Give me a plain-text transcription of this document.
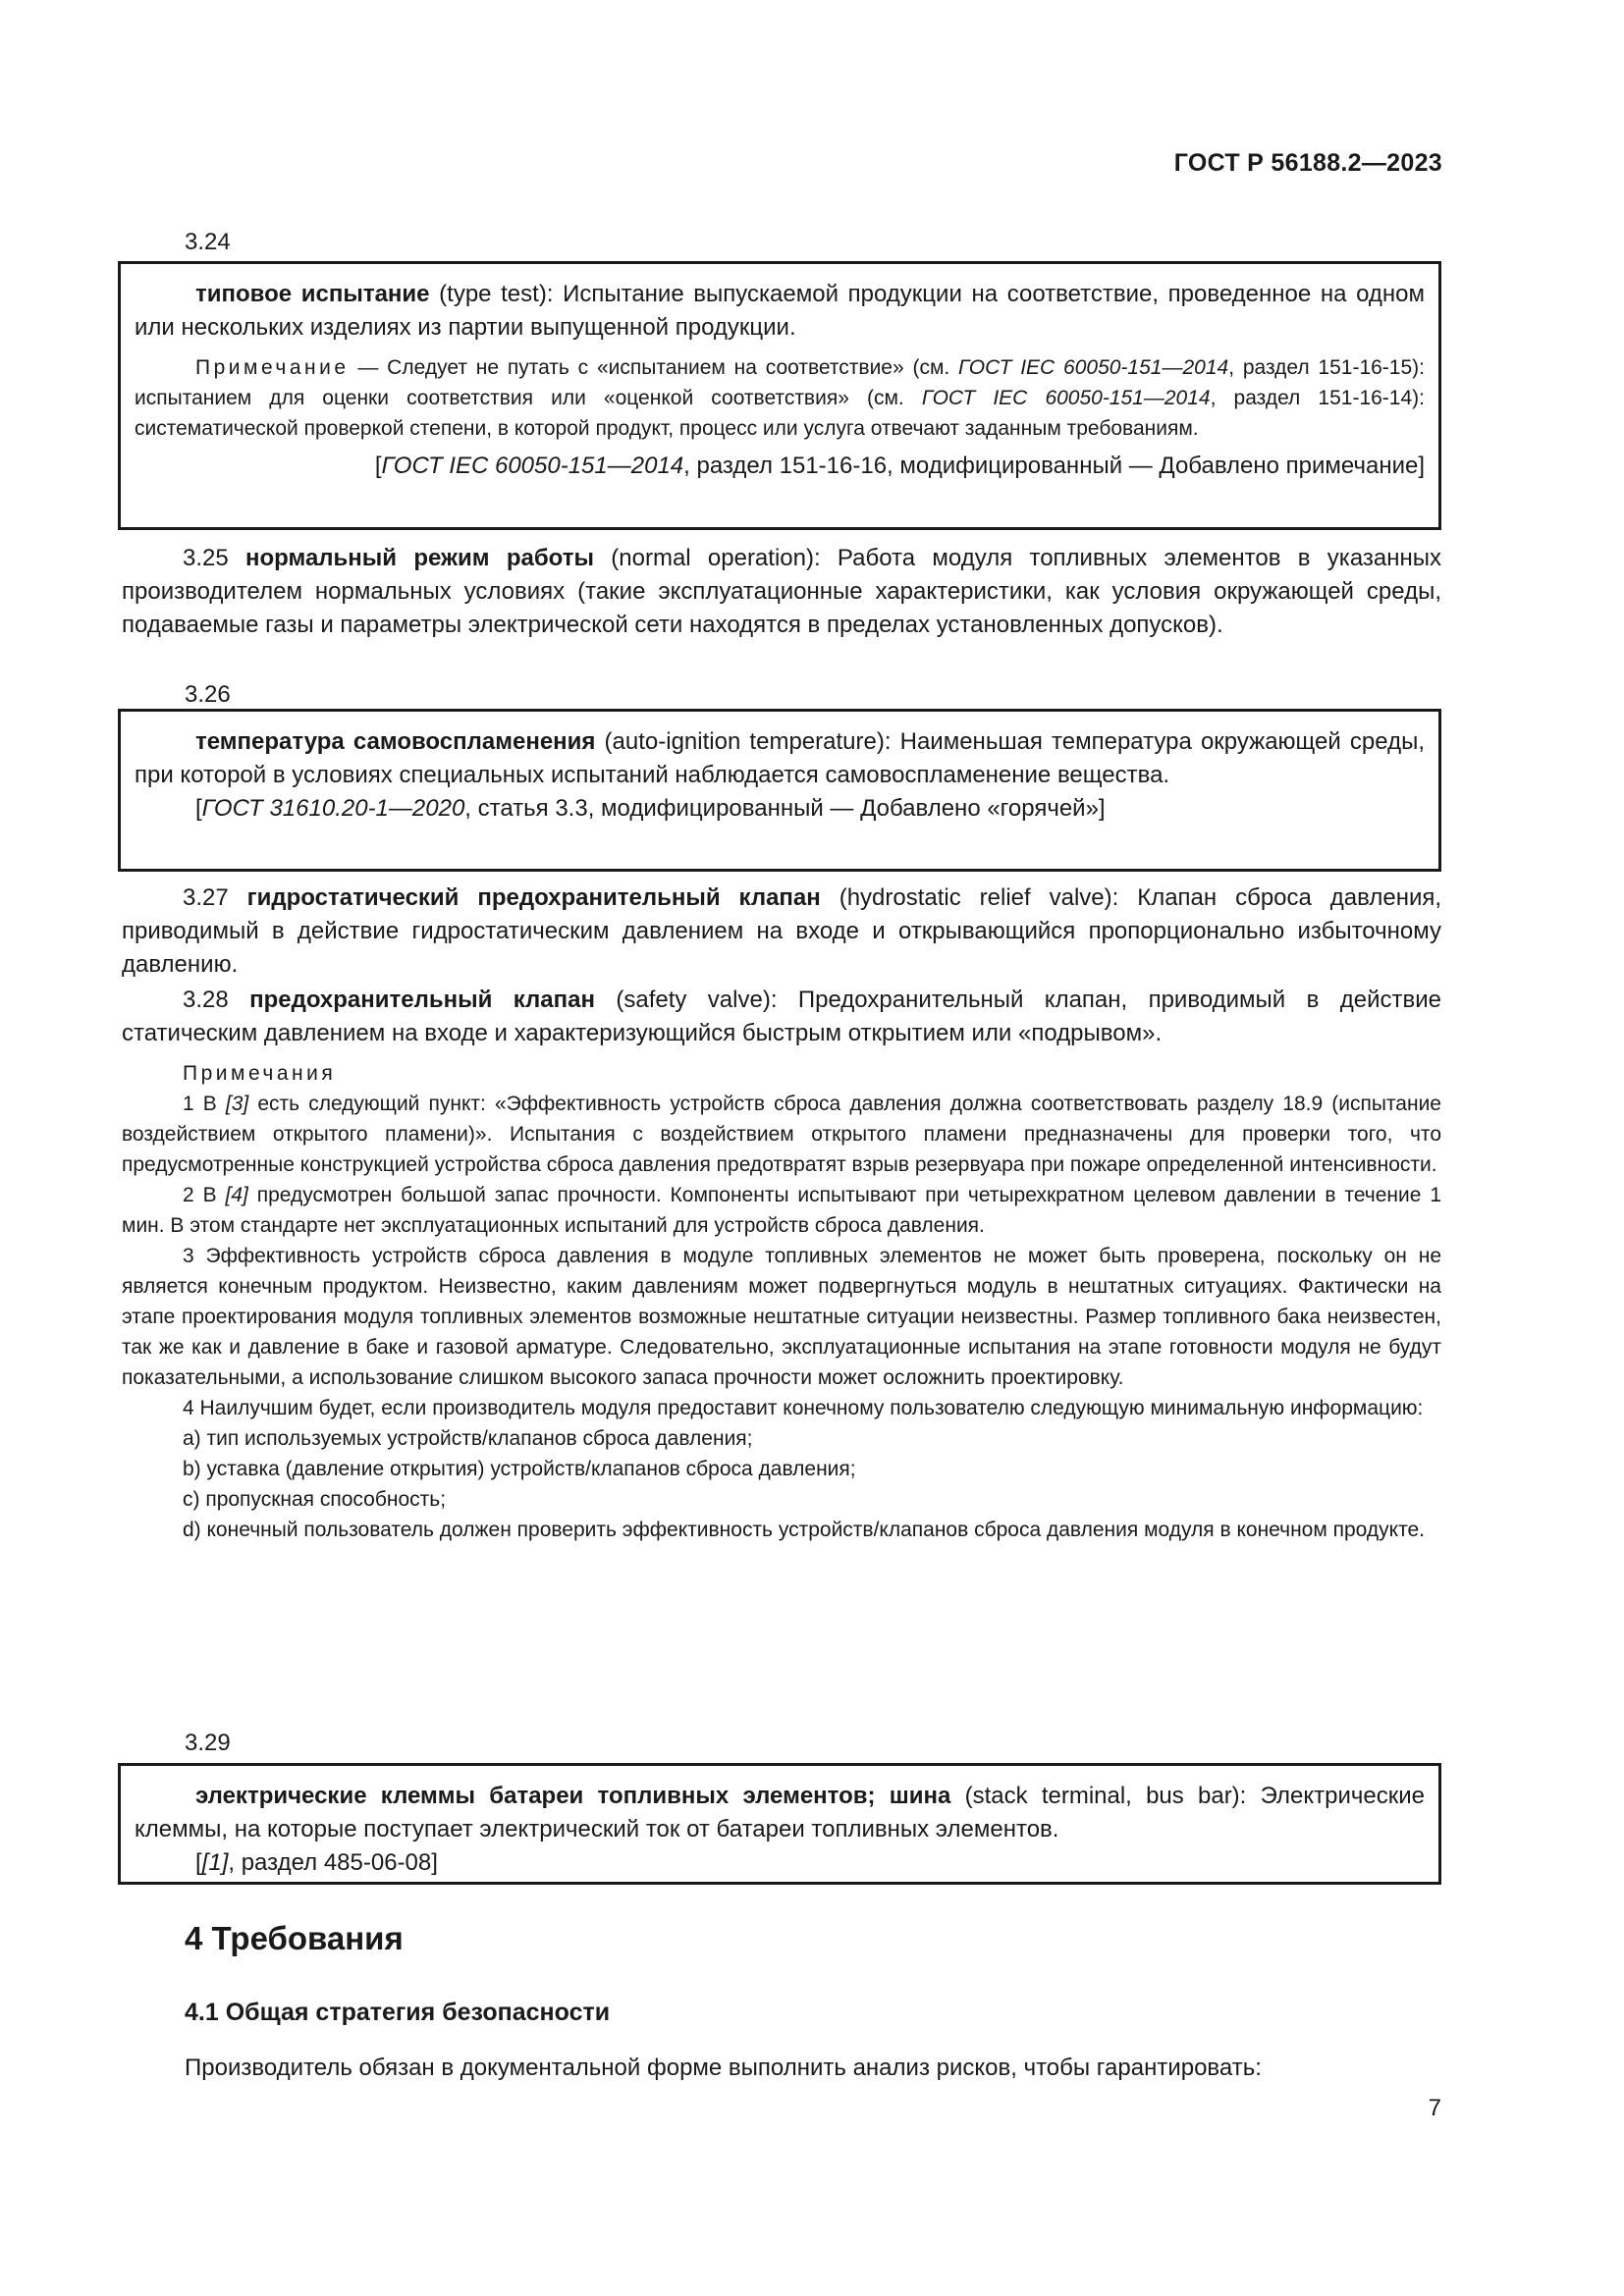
ГОСТ Р 56188.2—2023
3.24

типовое испытание (type test): Испытание выпускаемой продукции на соответствие, проведенное на одном или нескольких изделиях из партии выпущенной продукции.

Примечание — Следует не путать с «испытанием на соответствие» (см. ГОСТ IEC 60050-151—2014, раздел 151-16-15): испытанием для оценки соответствия или «оценкой соответствия» (см. ГОСТ IEC 60050-151—2014, раздел 151-16-14): систематической проверкой степени, в которой продукт, процесс или услуга отвечают заданным требованиям.

[ГОСТ IEC 60050-151—2014, раздел 151-16-16, модифицированный — Добавлено примечание]

3.25 нормальный режим работы (normal operation): Работа модуля топливных элементов в указанных производителем нормальных условиях (такие эксплуатационные характеристики, как условия окружающей среды, подаваемые газы и параметры электрической сети находятся в пределах установленных допусков).

3.26

температура самовоспламенения (auto-ignition temperature): Наименьшая температура окружающей среды, при которой в условиях специальных испытаний наблюдается самовоспламенение вещества.

[ГОСТ 31610.20-1—2020, статья 3.3, модифицированный — Добавлено «горячей»]

3.27 гидростатический предохранительный клапан (hydrostatic relief valve): Клапан сброса давления, приводимый в действие гидростатическим давлением на входе и открывающийся пропорционально избыточному давлению.

3.28 предохранительный клапан (safety valve): Предохранительный клапан, приводимый в действие статическим давлением на входе и характеризующийся быстрым открытием или «подрывом».

Примечания

1 В [3] есть следующий пункт: «Эффективность устройств сброса давления должна соответствовать разделу 18.9 (испытание воздействием открытого пламени)». Испытания с воздействием открытого пламени предназначены для проверки того, что предусмотренные конструкцией устройства сброса давления предотвратят взрыв резервуара при пожаре определенной интенсивности.

2 В [4] предусмотрен большой запас прочности. Компоненты испытывают при четырехкратном целевом давлении в течение 1 мин. В этом стандарте нет эксплуатационных испытаний для устройств сброса давления.

3 Эффективность устройств сброса давления в модуле топливных элементов не может быть проверена, поскольку он не является конечным продуктом. Неизвестно, каким давлениям может подвергнуться модуль в нештатных ситуациях. Фактически на этапе проектирования модуля топливных элементов возможные нештатные ситуации неизвестны. Размер топливного бака неизвестен, так же как и давление в баке и газовой арматуре. Следовательно, эксплуатационные испытания на этапе готовности модуля не будут показательными, а использование слишком высокого запаса прочности может осложнить проектировку.

4 Наилучшим будет, если производитель модуля предоставит конечному пользователю следующую минимальную информацию:

a) тип используемых устройств/клапанов сброса давления;

b) уставка (давление открытия) устройств/клапанов сброса давления;

c) пропускная способность;

d) конечный пользователь должен проверить эффективность устройств/клапанов сброса давления модуля в конечном продукте.

3.29

электрические клеммы батареи топливных элементов; шина (stack terminal, bus bar): Электрические клеммы, на которые поступает электрический ток от батареи топливных элементов.

[[1], раздел 485-06-08]

4 Требования
4.1 Общая стратегия безопасности
Производитель обязан в документальной форме выполнить анализ рисков, чтобы гарантировать:
7
